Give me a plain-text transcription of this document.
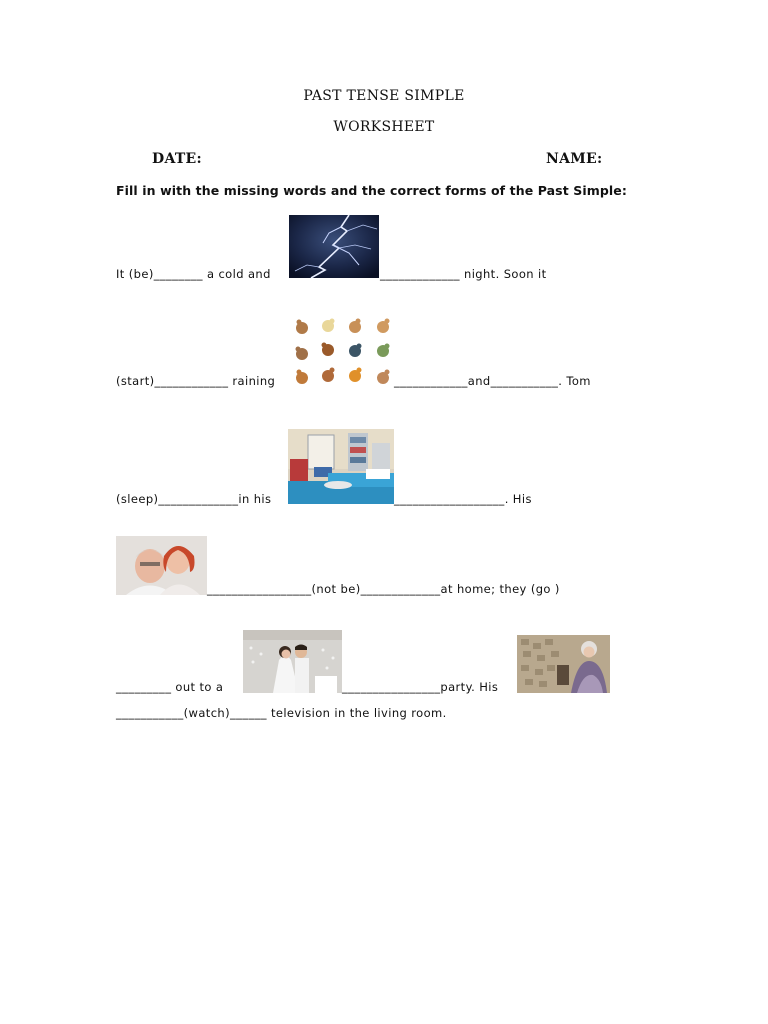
PAST TENSE SIMPLE
WORKSHEET
DATE:	NAME:
Fill in with the missing words and the correct forms of the Past Simple:
It (be)________ a cold and	_____________ night. Soon it
(start)____________ raining	____________and___________. Tom
(sleep)_____________in his	__________________. His
_________________(not be)_____________at home; they (go )
_________ out to a	________________party. His
___________(watch)______ television in the living room.
